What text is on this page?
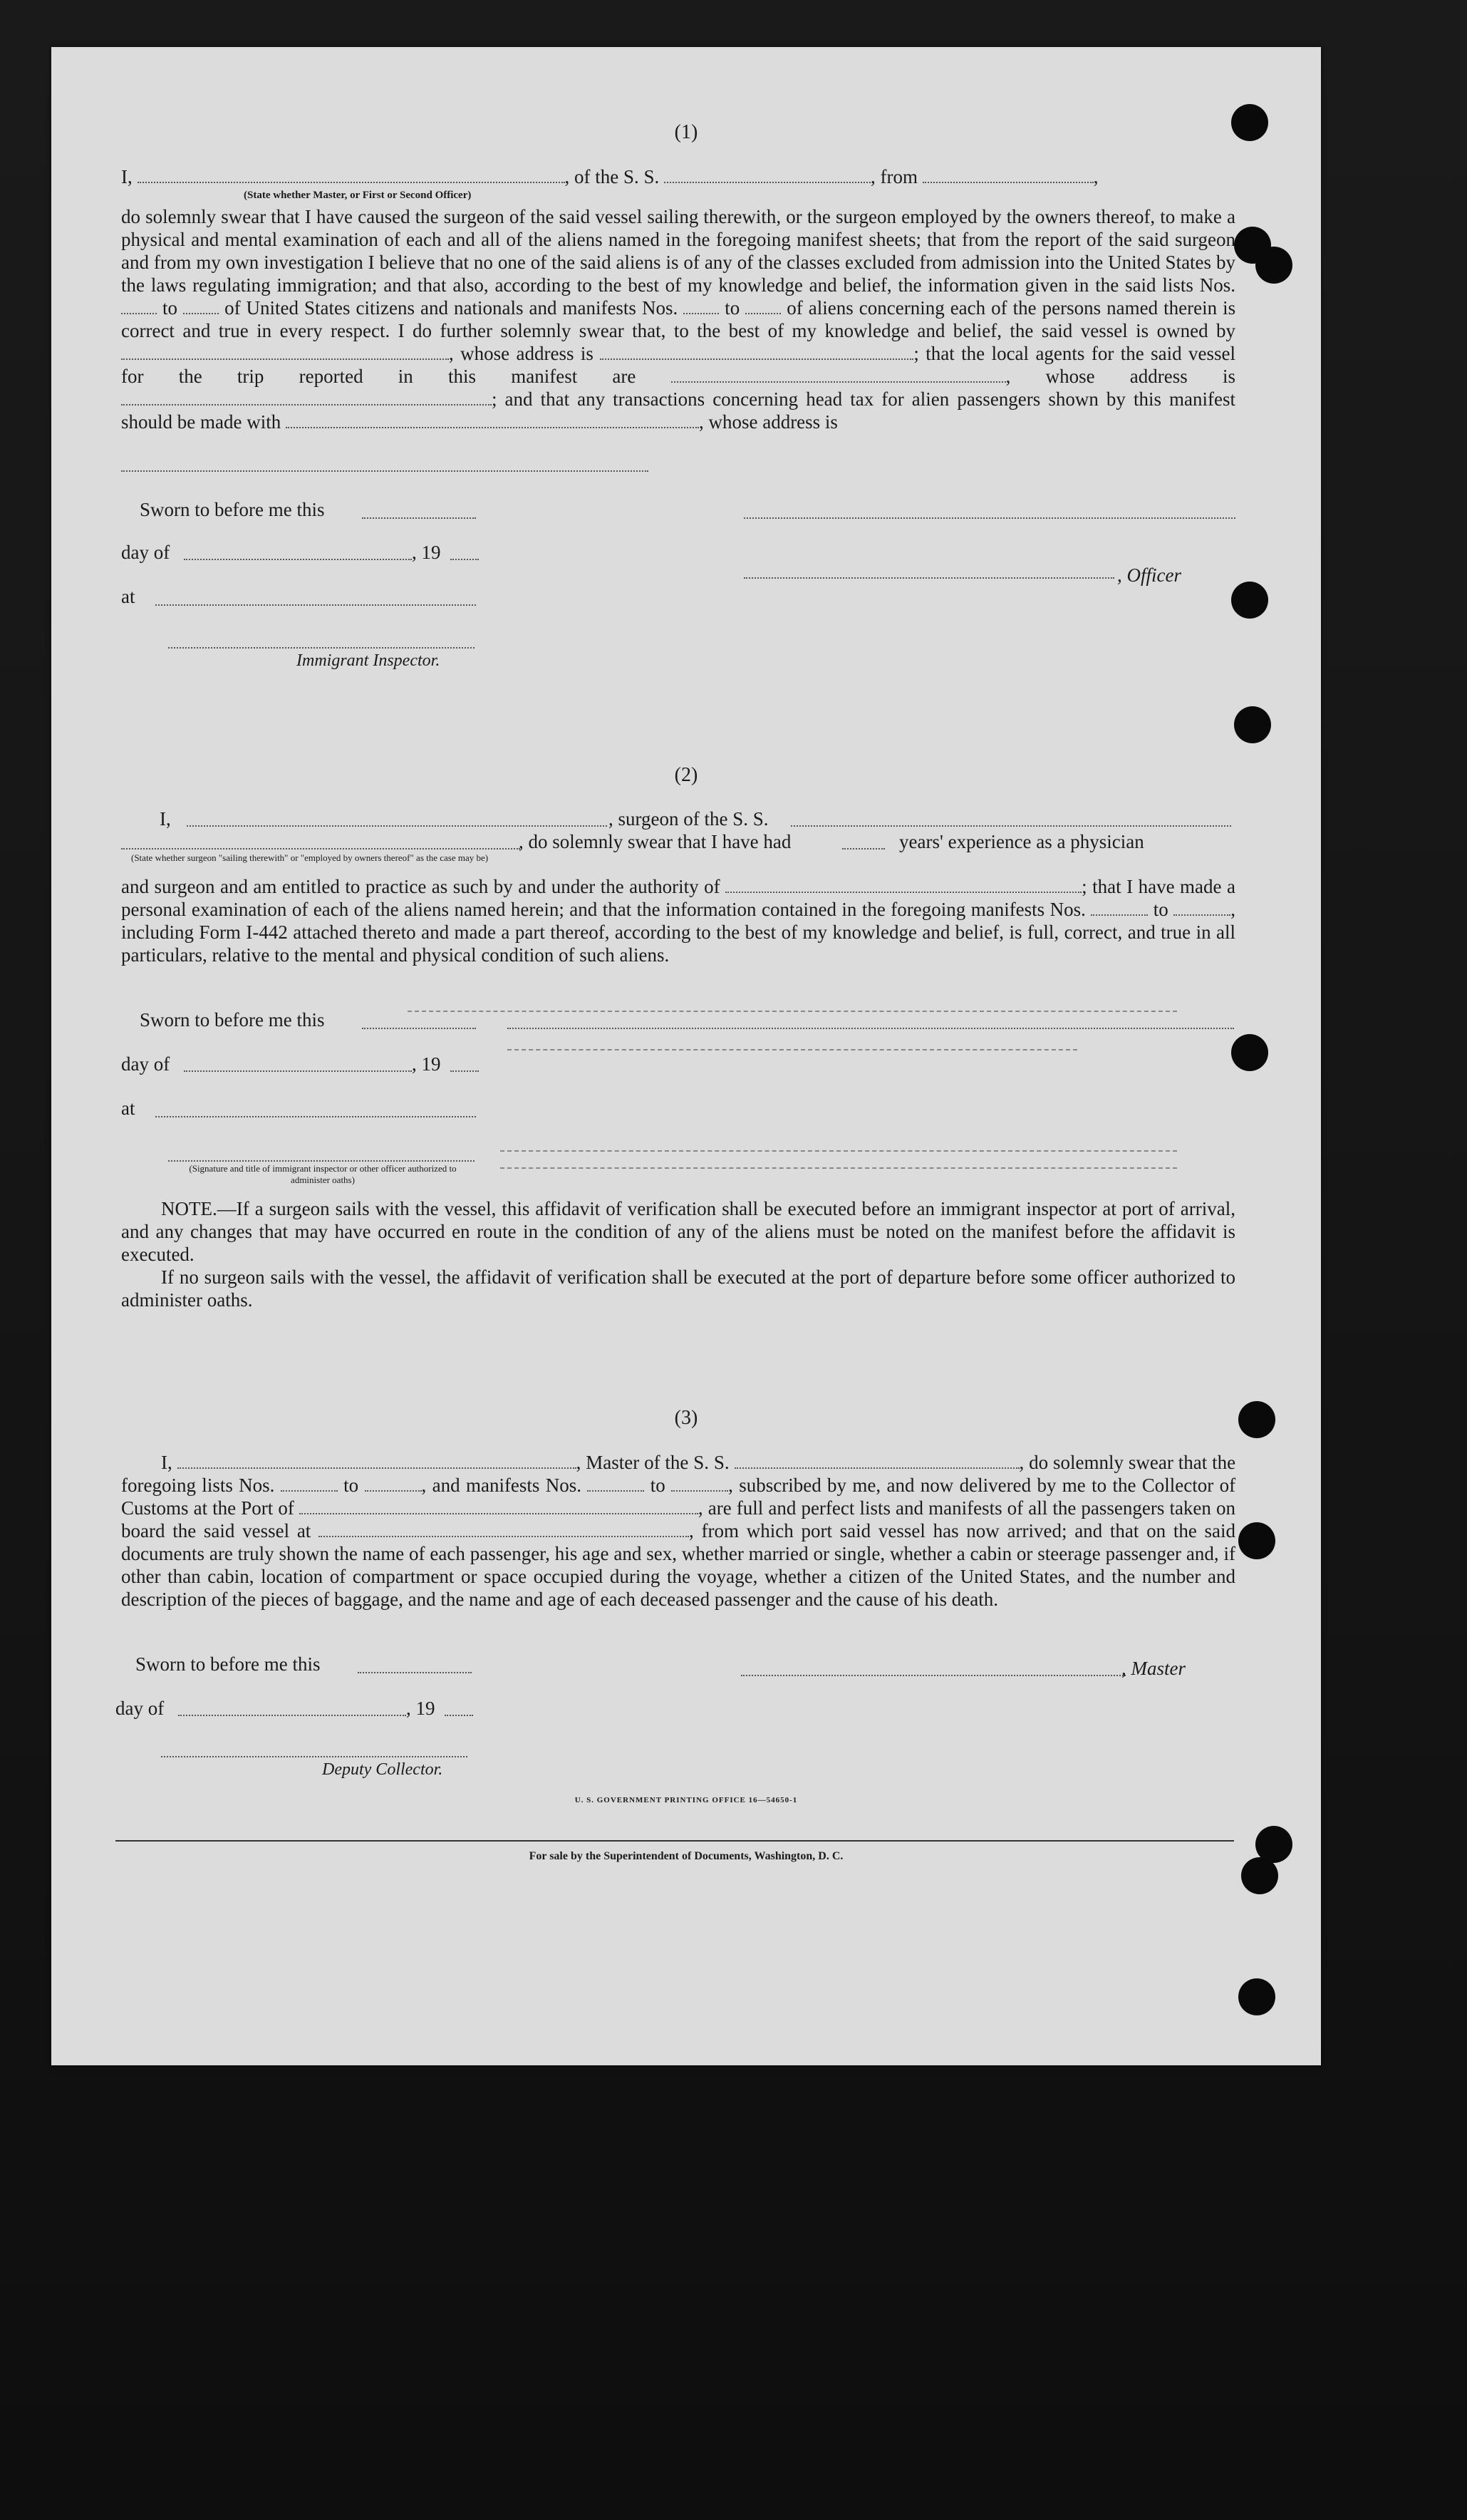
(1)
I,	, of the S. S.	, from	,
(State whether Master, or First or Second Officer)

do solemnly swear that I have caused the surgeon of the said vessel sailing therewith, or the surgeon employed by the owners thereof, to make a physical and mental examination of each and all of the aliens named in the foregoing manifest sheets; that from the report of the said surgeon and from my own investigation I believe that no one of the said aliens is of any of the classes excluded from admission into the United States by the laws regulating immigration; and that also, according to the best of my knowledge and belief, the information given in the said lists Nos.  to of United States citizens and nationals and manifests Nos. to of aliens concerning each of the persons named therein is correct and true in every respect. I do further solemnly swear that, to the best of my knowledge and belief, the said vessel is owned by , whose address is	; that the local agents for the said vessel for the trip reported in this manifest are	, whose address is ; and that any transactions concerning head tax for alien passengers shown by this manifest should be made with	, whose address is

Sworn to before me this
day of	, 19
, Officer
at
Immigrant Inspector.
(2)
I,	, surgeon of the S. S.
, do solemnly swear that I have had	years' experience as a physician
(State whether surgeon "sailing therewith" or "employed by owners thereof" as the case may be)

and surgeon and am entitled to practice as such by and under the authority of	; that I have made a personal examination of each of the aliens named herein; and that the information contained in the foregoing manifests Nos.	to	, including Form I-442 attached thereto and made a part thereof, according to the best of my knowledge and belief, is full, correct, and true in all particulars, relative to the mental and physical condition of such aliens.

Sworn to before me this
day of	, 19
at
(Signature and title of immigrant inspector or other officer authorized to administer oaths)

NOTE.—If a surgeon sails with the vessel, this affidavit of verification shall be executed before an immigrant inspector at port of arrival, and any changes that may have occurred en route in the condition of any of the aliens must be noted on the manifest before the affidavit is executed.

If no surgeon sails with the vessel, the affidavit of verification shall be executed at the port of departure before some officer authorized to administer oaths.

(3)

I,	, Master of the S. S.	, do solemnly swear that the foregoing lists Nos.	to	, and manifests Nos.	to	, subscribed by me, and now delivered by me to the Collector of Customs at the Port of	, are full and perfect lists and manifests of all the passengers taken on board the said vessel at	, from which port said vessel has now arrived; and that on the said documents are truly shown the name of each passenger, his age and sex, whether married or single, whether a cabin or steerage passenger and, if other than cabin, location of compartment or space occupied during the voyage, whether a citizen of the United States, and the number and description of the pieces of baggage, and the name and age of each deceased passenger and the cause of his death.

Sworn to before me this	, Master
day of	, 19
Deputy Collector.
U. S. GOVERNMENT PRINTING OFFICE 16—54650-1
For sale by the Superintendent of Documents, Washington, D. C.
